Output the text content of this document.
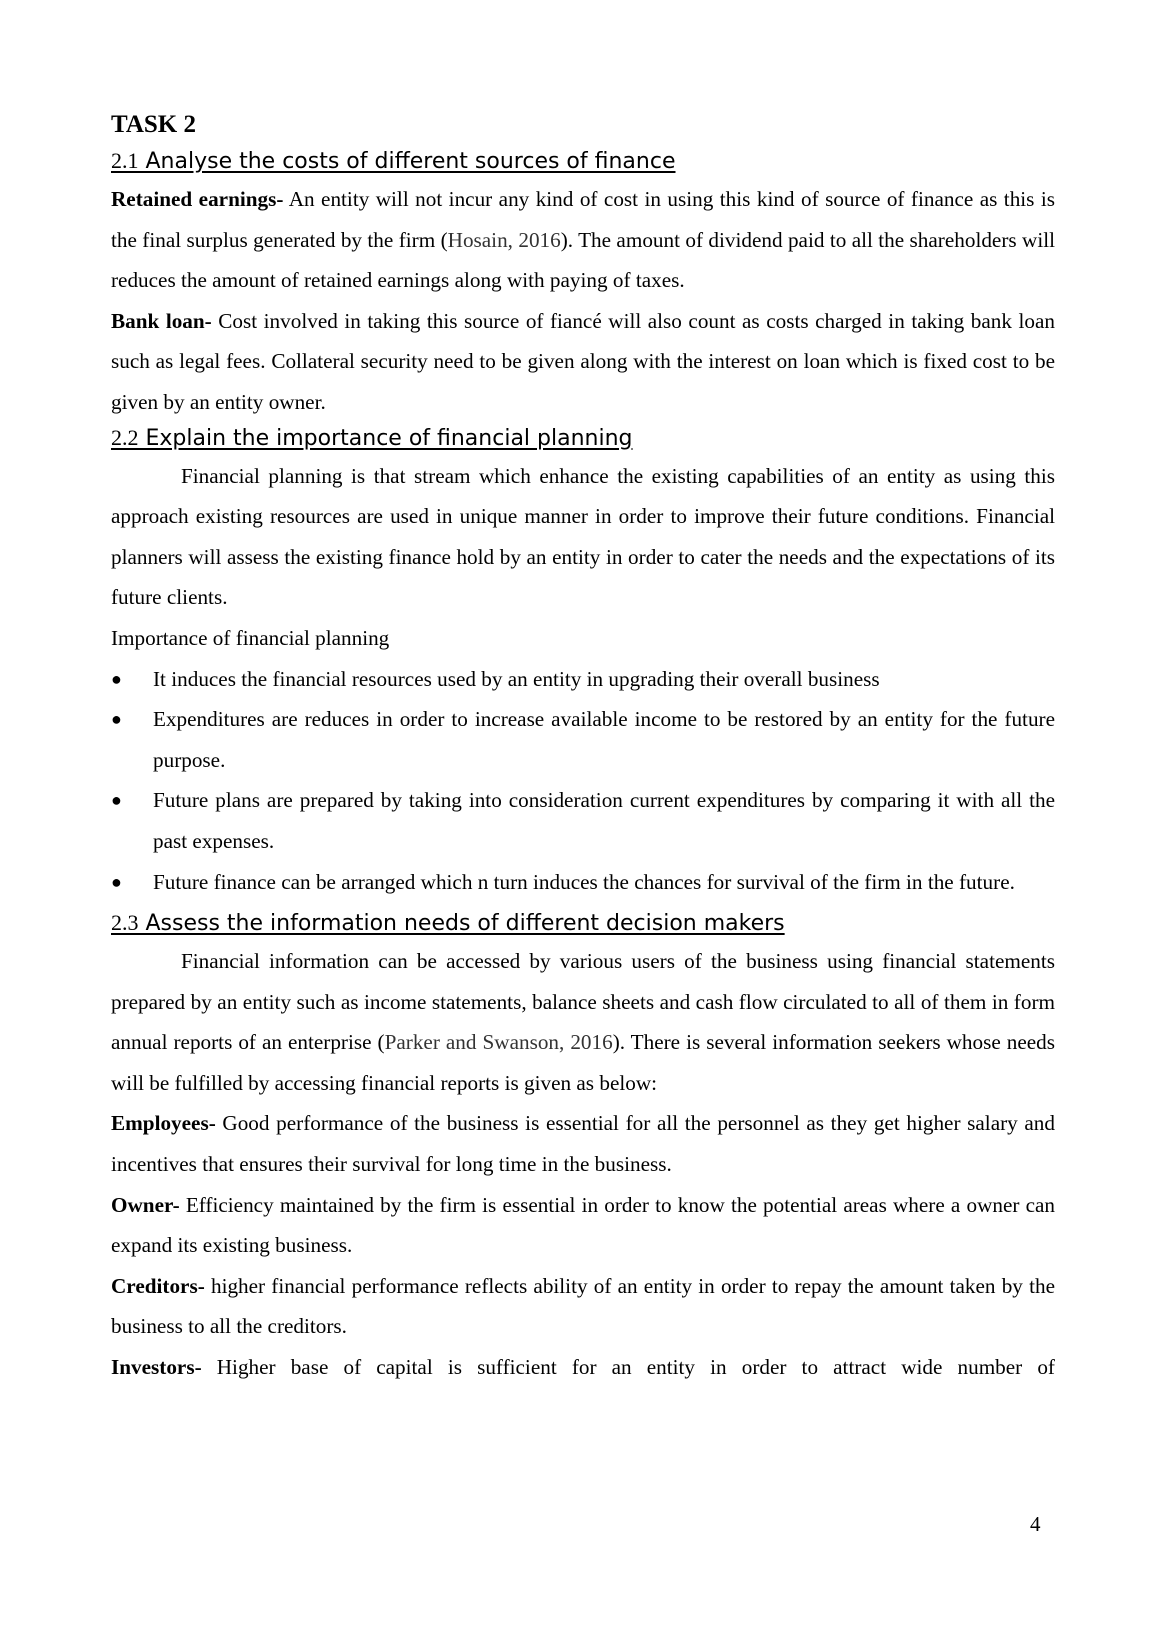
TASK 2
2.1 Analyse the costs of different sources of finance

Retained earnings- An entity will not incur any kind of cost in using this kind of source of finance as this is the final surplus generated by the firm (Hosain, 2016). The amount of dividend paid to all the shareholders will reduces the amount of retained earnings along with paying of taxes.

Bank loan- Cost involved in taking this source of fiancé will also count as costs charged in taking bank loan such as legal fees. Collateral security need to be given along with the interest on loan which is fixed cost to be given by an entity owner.

2.2 Explain the importance of financial planning

Financial planning is that stream which enhance the existing capabilities of an entity as using this approach existing resources are used in unique manner in order to improve their future conditions. Financial planners will assess the existing finance hold by an entity in order to cater the needs and the expectations of its future clients.

Importance of financial planning

● It induces the financial resources used by an entity in upgrading their overall business
● Expenditures are reduces in order to increase available income to be restored by an entity for the future purpose.
● Future plans are prepared by taking into consideration current expenditures by comparing it with all the past expenses.
● Future finance can be arranged which n turn induces the chances for survival of the firm in the future.
2.3 Assess the information needs of different decision makers

Financial information can be accessed by various users of the business using financial statements prepared by an entity such as income statements, balance sheets and cash flow circulated to all of them in form annual reports of an enterprise (Parker and Swanson, 2016). There is several information seekers whose needs will be fulfilled by accessing financial reports is given as below:

Employees- Good performance of the business is essential for all the personnel as they get higher salary and incentives that ensures their survival for long time in the business.

Owner- Efficiency maintained by the firm is essential in order to know the potential areas where a owner can expand its existing business.

Creditors- higher financial performance reflects ability of an entity in order to repay the amount taken by the business to all the creditors.

Investors- Higher base of capital is sufficient for an entity in order to attract wide number of

4
